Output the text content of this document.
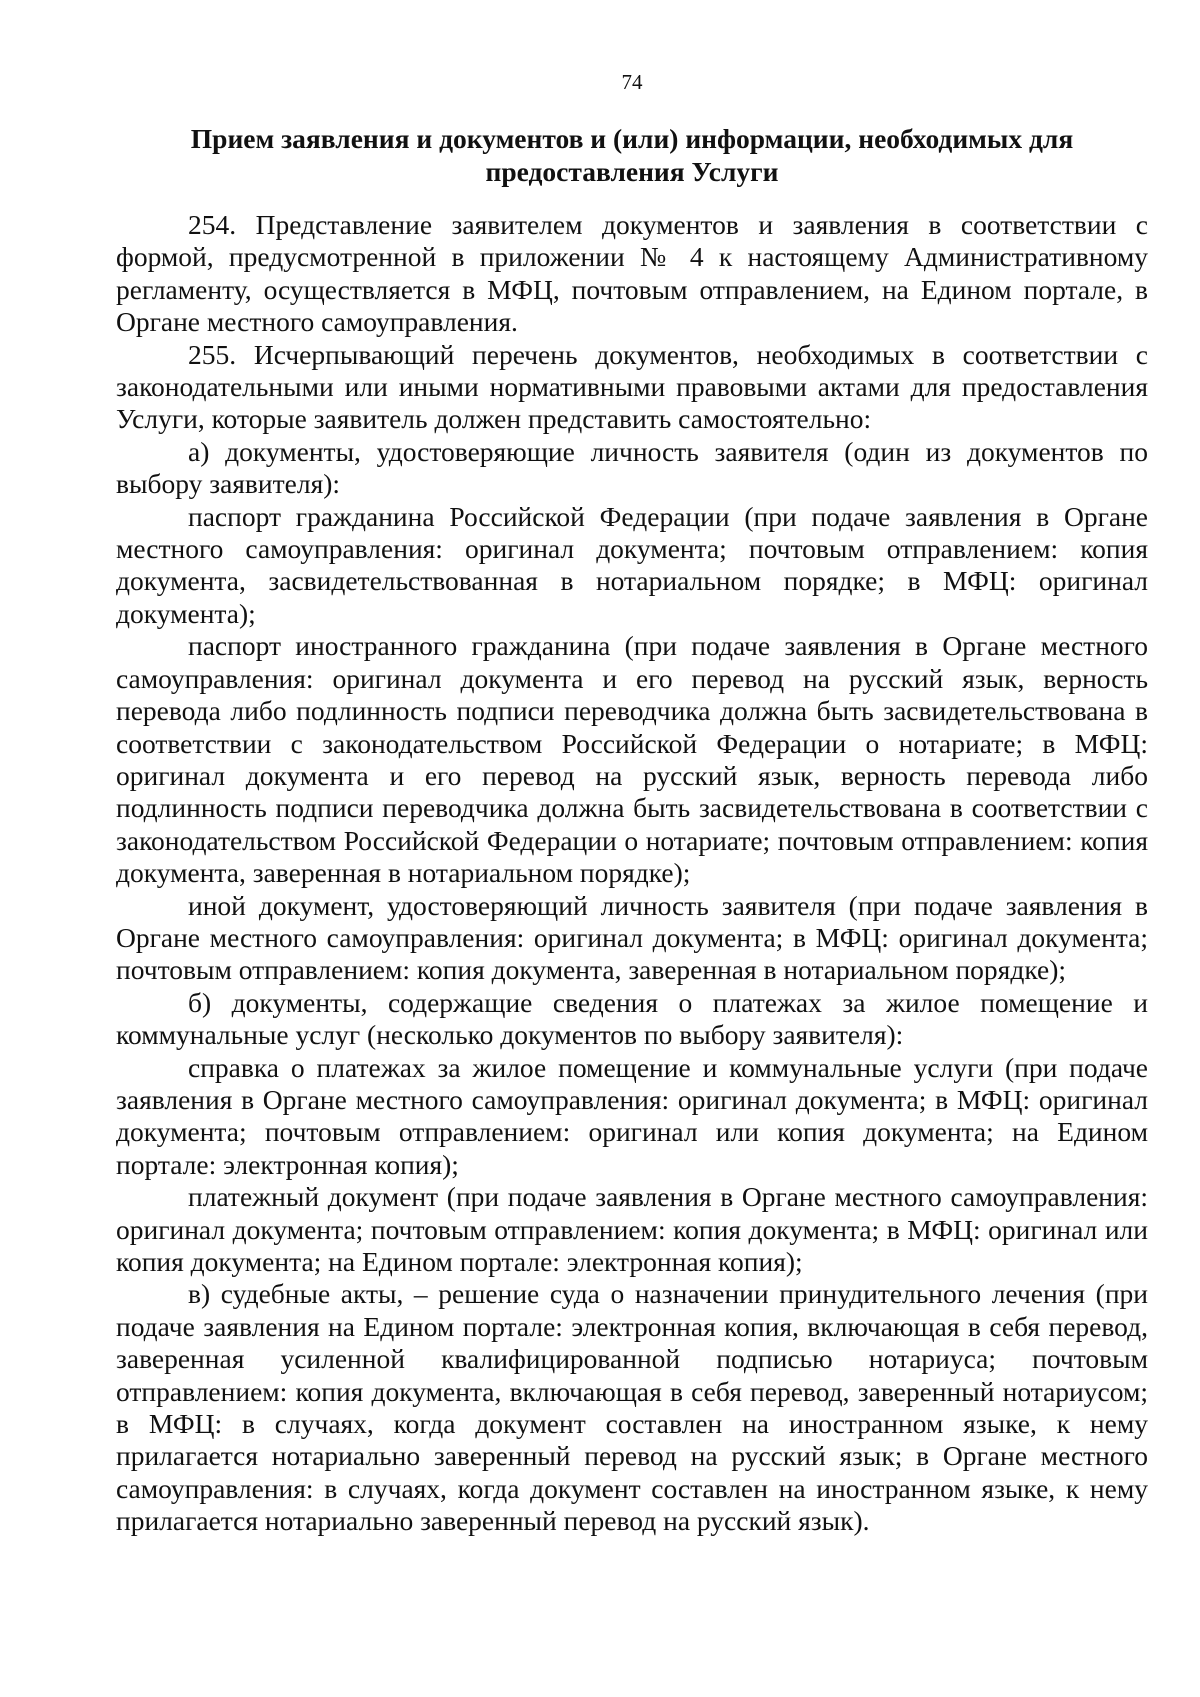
74
Прием заявления и документов и (или) информации, необходимых для
предоставления Услуги

254. Представление заявителем документов и заявления в соответствии с формой, предусмотренной в приложении № 4 к настоящему Административному регламенту, осуществляется в МФЦ, почтовым отправлением, на Едином портале, в Органе местного самоуправления.

255. Исчерпывающий перечень документов, необходимых в соответствии с законодательными или иными нормативными правовыми актами для предоставления Услуги, которые заявитель должен представить самостоятельно:

а) документы, удостоверяющие личность заявителя (один из документов по выбору заявителя):

паспорт гражданина Российской Федерации (при подаче заявления в Органе местного самоуправления: оригинал документа; почтовым отправлением: копия документа, засвидетельствованная в нотариальном порядке; в МФЦ: оригинал документа);

паспорт иностранного гражданина (при подаче заявления в Органе местного самоуправления: оригинал документа и его перевод на русский язык, верность перевода либо подлинность подписи переводчика должна быть засвидетельствована в соответствии с законодательством Российской Федерации о нотариате; в МФЦ: оригинал документа и его перевод на русский язык, верность перевода либо подлинность подписи переводчика должна быть засвидетельствована в соответствии с законодательством Российской Федерации о нотариате; почтовым отправлением: копия документа, заверенная в нотариальном порядке);

иной документ, удостоверяющий личность заявителя (при подаче заявления в Органе местного самоуправления: оригинал документа; в МФЦ: оригинал документа; почтовым отправлением: копия документа, заверенная в нотариальном порядке);

б) документы, содержащие сведения о платежах за жилое помещение и коммунальные услуг (несколько документов по выбору заявителя):

справка о платежах за жилое помещение и коммунальные услуги (при подаче заявления в Органе местного самоуправления: оригинал документа; в МФЦ: оригинал документа; почтовым отправлением: оригинал или копия документа; на Едином портале: электронная копия);

платежный документ (при подаче заявления в Органе местного самоуправления: оригинал документа; почтовым отправлением: копия документа; в МФЦ: оригинал или копия документа; на Едином портале: электронная копия);

в) судебные акты, – решение суда о назначении принудительного лечения (при подаче заявления на Едином портале: электронная копия, включающая в себя перевод, заверенная усиленной квалифицированной подписью нотариуса; почтовым отправлением: копия документа, включающая в себя перевод, заверенный нотариусом; в МФЦ: в случаях, когда документ составлен на иностранном языке, к нему прилагается нотариально заверенный перевод на русский язык; в Органе местного самоуправления: в случаях, когда документ составлен на иностранном языке, к нему прилагается нотариально заверенный перевод на русский язык).
